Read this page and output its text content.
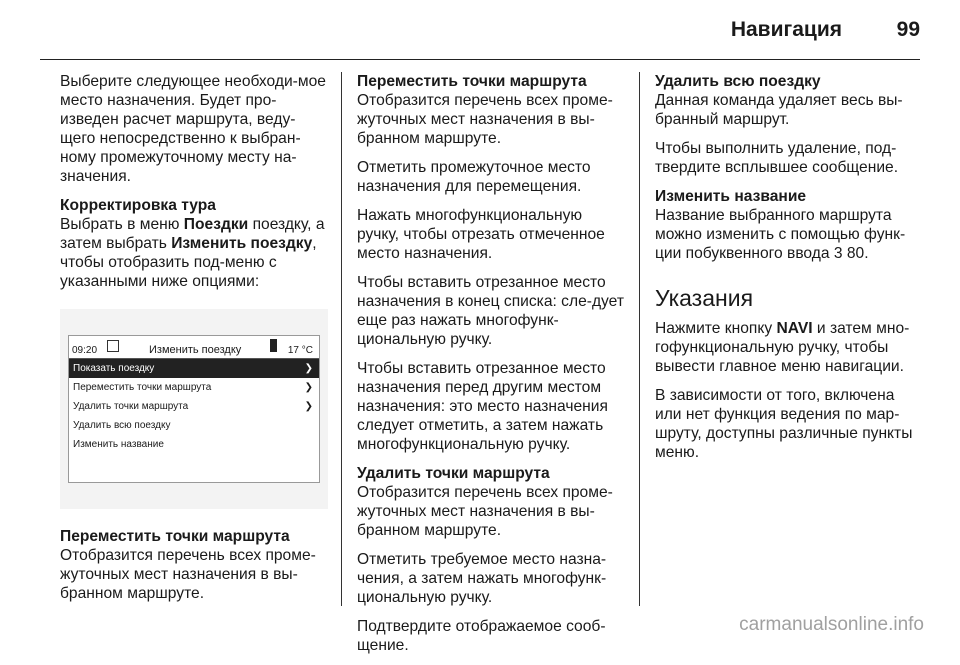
Навигация	99

Выберите следующее необходи-мое место назначения. Будет про-изведен расчет маршрута, веду-щего непосредственно к выбран-ному промежуточному месту на-значения.

Корректировка тура
Выбрать в меню Поездки поездку, а затем выбрать Изменить поездку, чтобы отобразить под-меню с указанными ниже опциями:

09:20	Изменить поездку	17 °C
Показать поездку	❯
Переместить точки маршрута	❯
Удалить точки маршрута	❯
Удалить всю поездку
Изменить название

Переместить точки маршрута
Отобразится перечень всех проме-жуточных мест назначения в вы-бранном маршруте.

Переместить точки маршрута
Отобразится перечень всех проме-жуточных мест назначения в вы-бранном маршруте.

Отметить промежуточное место назначения для перемещения.

Нажать многофункциональную ручку, чтобы отрезать отмеченное место назначения.

Чтобы вставить отрезанное место назначения в конец списка: сле-дует еще раз нажать многофунк-циональную ручку.

Чтобы вставить отрезанное место назначения перед другим местом назначения: это место назначения следует отметить, а затем нажать многофункциональную ручку.

Удалить точки маршрута
Отобразится перечень всех проме-жуточных мест назначения в вы-бранном маршруте.

Отметить требуемое место назна-чения, а затем нажать многофунк-циональную ручку.

Подтвердите отображаемое сооб-щение.

Удалить всю поездку
Данная команда удаляет весь вы-бранный маршрут.

Чтобы выполнить удаление, под-твердите всплывшее сообщение.

Изменить название
Название выбранного маршрута можно изменить с помощью функ-ции побуквенного ввода 3 80.

Указания

Нажмите кнопку NAVI и затем мно-гофункциональную ручку, чтобы вывести главное меню навигации.

В зависимости от того, включена или нет функция ведения по мар-шруту, доступны различные пункты меню.

carmanualsonline.info
